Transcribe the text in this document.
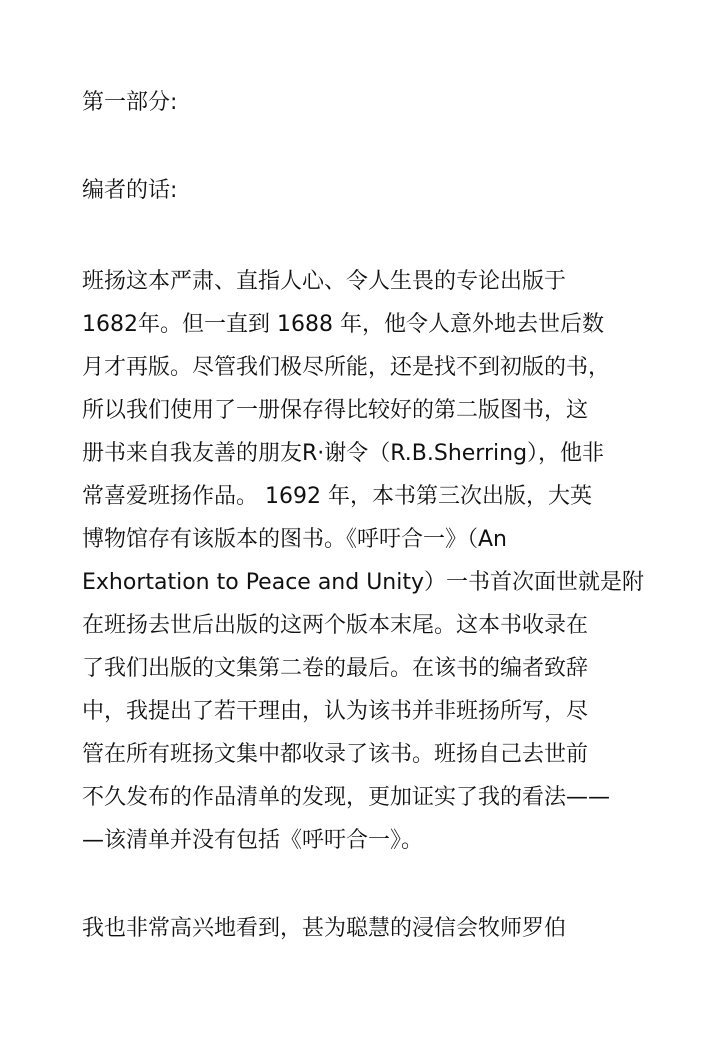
第一部分:
编者的话:
班扬这本严肃、直指人心、令人生畏的专论出版于
1682年。但一直到 1688 年，他令人意外地去世后数
月才再版。尽管我们极尽所能，还是找不到初版的书，
所以我们使用了一册保存得比较好的第二版图书，这
册书来自我友善的朋友R·谢令（R.B.Sherring），他非
常喜爱班扬作品。 1692 年，本书第三次出版，大英
博物馆存有该版本的图书。《呼吁合一》（An
Exhortation to Peace and Unity）一书首次面世就是附
在班扬去世后出版的这两个版本末尾。这本书收录在
了我们出版的文集第二卷的最后。在该书的编者致辞
中，我提出了若干理由，认为该书并非班扬所写，尽
管在所有班扬文集中都收录了该书。班扬自己去世前
不久发布的作品清单的发现，更加证实了我的看法——
—该清单并没有包括《呼吁合一》。
我也非常高兴地看到，甚为聪慧的浸信会牧师罗伯
